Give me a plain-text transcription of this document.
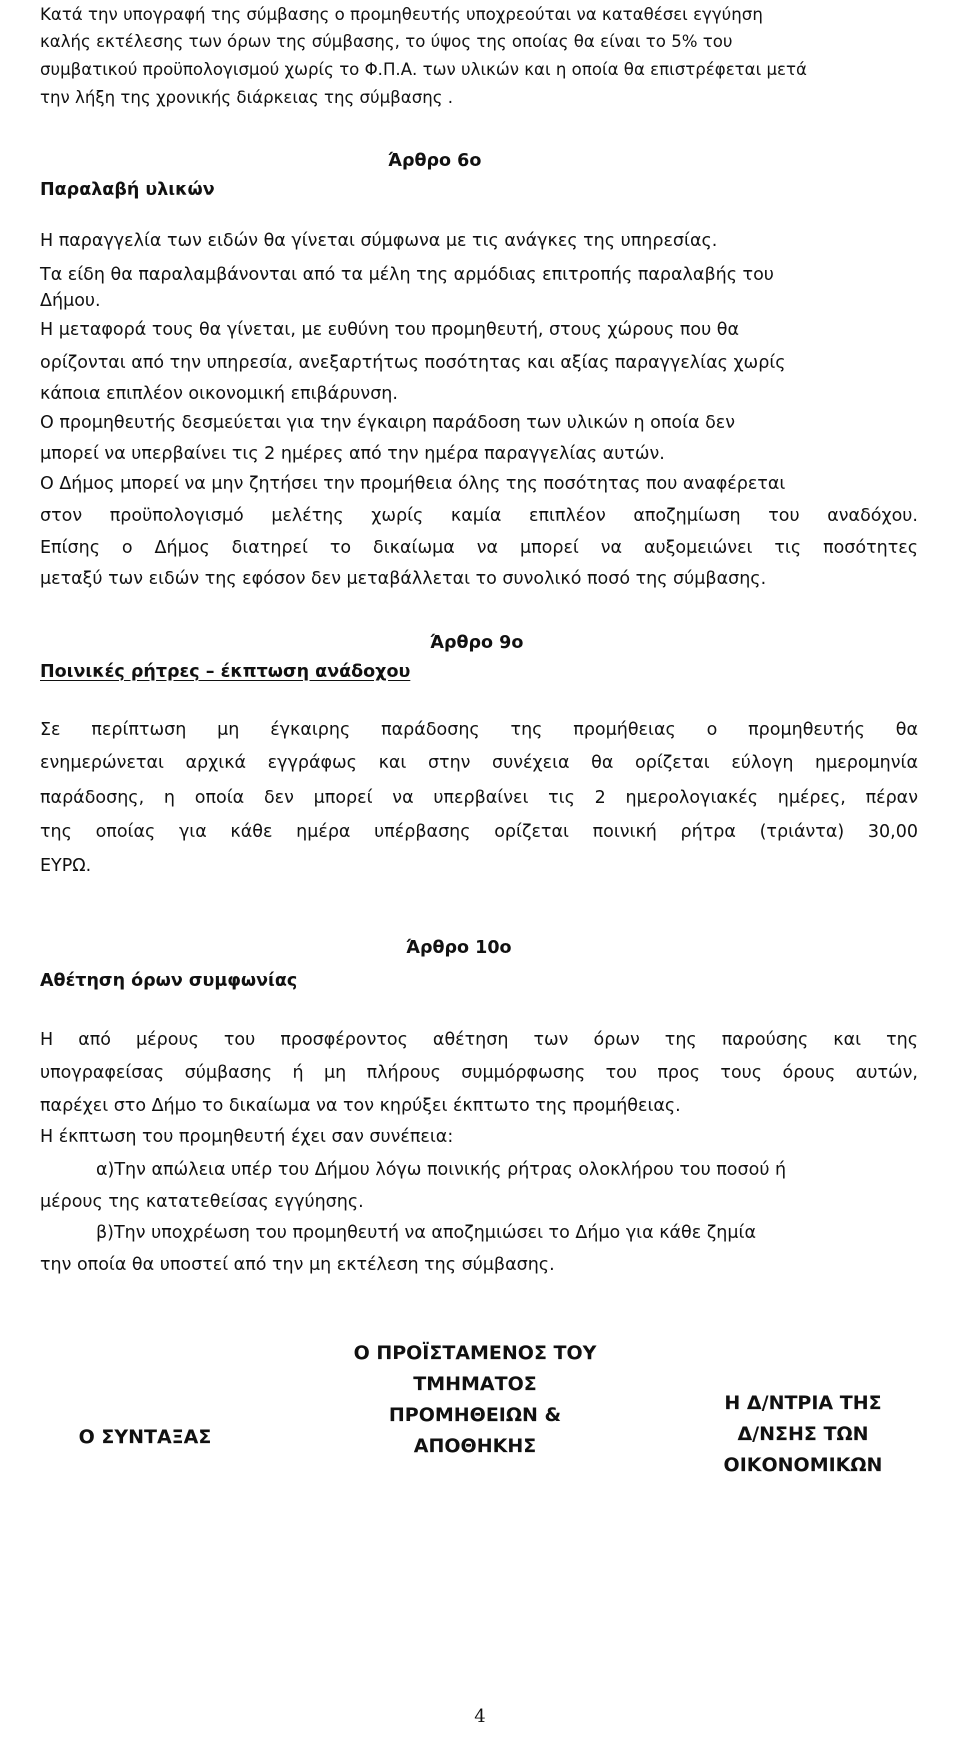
Κατά την υπογραφή της σύμβασης ο προμηθευτής υποχρεούται να καταθέσει εγγύηση
καλής εκτέλεσης των όρων της σύμβασης, το ύψος της οποίας θα είναι το 5% του
συμβατικού προϋπολογισμού χωρίς το Φ.Π.Α. των υλικών και η οποία θα επιστρέφεται μετά
την λήξη της χρονικής διάρκειας της σύμβασης .
Άρθρο 6ο
Παραλαβή υλικών
Η παραγγελία των ειδών θα γίνεται σύμφωνα με τις ανάγκες της υπηρεσίας.
Τα είδη θα παραλαμβάνονται από τα μέλη της αρμόδιας επιτροπής παραλαβής του
Δήμου.
Η μεταφορά τους θα γίνεται, με ευθύνη του προμηθευτή, στους χώρους που θα
ορίζονται από την υπηρεσία, ανεξαρτήτως ποσότητας και αξίας παραγγελίας χωρίς
κάποια επιπλέον οικονομική επιβάρυνση.
Ο προμηθευτής δεσμεύεται για την έγκαιρη παράδοση των υλικών η οποία δεν
μπορεί να υπερβαίνει τις 2 ημέρες από την ημέρα παραγγελίας αυτών.
Ο Δήμος μπορεί να μην ζητήσει την προμήθεια όλης της ποσότητας που αναφέρεται
στον προϋπολογισμό μελέτης χωρίς καμία επιπλέον αποζημίωση του αναδόχου.
Επίσης ο Δήμος διατηρεί το δικαίωμα να μπορεί να αυξομειώνει τις ποσότητες
μεταξύ των ειδών της εφόσον δεν μεταβάλλεται το συνολικό ποσό της σύμβασης.
Άρθρο 9ο
Ποινικές ρήτρες – έκπτωση ανάδοχου
Σε περίπτωση μη έγκαιρης παράδοσης της προμήθειας ο προμηθευτής θα
ενημερώνεται αρχικά εγγράφως και στην συνέχεια θα ορίζεται εύλογη ημερομηνία
παράδοσης, η οποία δεν μπορεί να υπερβαίνει τις 2 ημερολογιακές ημέρες, πέραν
της οποίας για κάθε ημέρα υπέρβασης ορίζεται ποινική ρήτρα (τριάντα) 30,00
ΕΥΡΩ.
Άρθρο 10ο
Αθέτηση όρων συμφωνίας
Η από μέρους του προσφέροντος αθέτηση των όρων της παρούσης και της
υπογραφείσας σύμβασης ή μη πλήρους συμμόρφωσης του προς τους όρους αυτών,
παρέχει στο Δήμο το δικαίωμα να τον κηρύξει έκπτωτο της προμήθειας.
Η έκπτωση του προμηθευτή έχει σαν συνέπεια:
α)Την απώλεια υπέρ του Δήμου λόγω ποινικής ρήτρας ολοκλήρου του ποσού ή
μέρους της κατατεθείσας εγγύησης.
β)Την υποχρέωση του προμηθευτή να αποζημιώσει το Δήμο για κάθε ζημία
την οποία θα υποστεί από την μη εκτέλεση της σύμβασης.
Ο ΣΥΝΤΑΞΑΣ
Ο ΠΡΟΪΣΤΑΜΕΝΟΣ ΤΟΥ
ΤΜΗΜΑΤΟΣ
ΠΡΟΜΗΘΕΙΩΝ &
ΑΠΟΘΗΚΗΣ
Η Δ/ΝΤΡΙΑ ΤΗΣ
Δ/ΝΣΗΣ ΤΩΝ
ΟΙΚΟΝΟΜΙΚΩΝ
4
